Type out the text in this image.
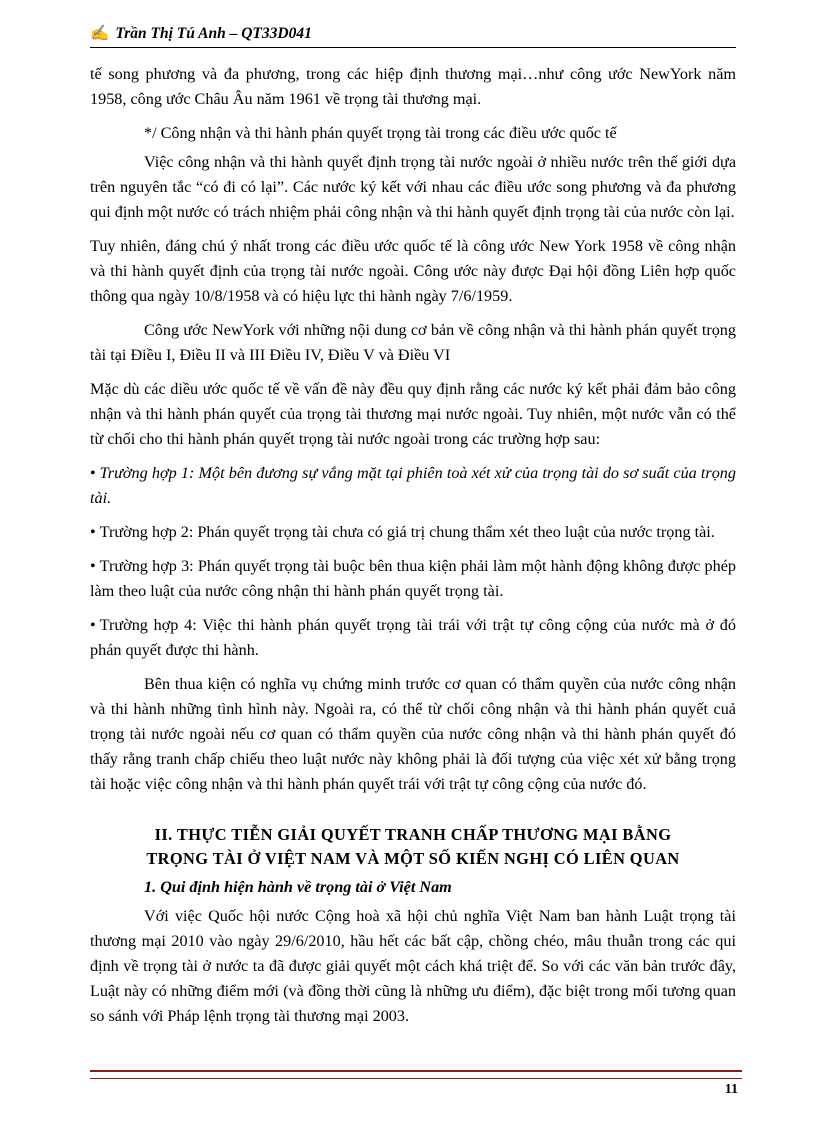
✍ Trần Thị Tú Anh – QT33D041

tế song phương và đa phương, trong các hiệp định thương mại…như công ước NewYork năm 1958, công ước Châu Âu năm 1961 về trọng tài thương mại.

*/ Công nhận và thi hành phán quyết trọng tài trong các điều ước quốc tế

Việc công nhận và thi hành quyết định trọng tài nước ngoài ở nhiều nước trên thế giới dựa trên nguyên tắc “có đi có lại”. Các nước ký kết với nhau các điều ước song phương và đa phương qui định một nước có trách nhiệm phải công nhận và thi hành quyết định trọng tài của nước còn lại.

Tuy nhiên, đáng chú ý nhất trong các điều ước quốc tế là công ước New York 1958 về công nhận và thi hành quyết định của trọng tài nước ngoài. Công ước này được Đại hội đồng Liên hợp quốc thông qua ngày 10/8/1958 và có hiệu lực thi hành ngày 7/6/1959.

Công ước NewYork với những nội dung cơ bản về công nhận và thi hành phán quyết trọng tài tại Điều I, Điều II và III Điều IV, Điều V và Điều VI

Mặc dù các diều ước quốc tế về vấn đề này đều quy định rằng các nước ký kết phải đảm bảo công nhận và thi hành phán quyết của trọng tài thương mại nước ngoài. Tuy nhiên, một nước vẫn có thể từ chối cho thi hành phán quyết trọng tài nước ngoài trong các trường hợp sau:

• Trường hợp 1: Một bên đương sự vắng mặt tại phiên toà xét xử của trọng tài do sơ suất của trọng tài.

• Trường hợp 2: Phán quyết trọng tài chưa có giá trị chung thẩm xét theo luật của nước trọng tài.

• Trường hợp 3: Phán quyết trọng tài buộc bên thua kiện phải làm một hành động không được phép làm theo luật của nước công nhận thi hành phán quyết trọng tài.

• Trường hợp 4: Việc thi hành phán quyết trọng tài trái với trật tự công cộng của nước mà ở đó phán quyết được thi hành.

Bên thua kiện có nghĩa vụ chứng minh trước cơ quan có thẩm quyền của nước công nhận và thi hành những tình hình này. Ngoài ra, có thể từ chối công nhận và thi hành phán quyết cuả trọng tài nước ngoài nếu cơ quan có thẩm quyền của nước công nhận và thi hành phán quyết đó thấy rằng tranh chấp chiếu theo luật nước này không phải là đối tượng của việc xét xử bằng trọng tài hoặc việc công nhận và thi hành phán quyết trái với trật tự công cộng của nước đó.

II. THỰC TIỄN GIẢI QUYẾT TRANH CHẤP THƯƠNG MẠI BẰNG
TRỌNG TÀI Ở VIỆT NAM VÀ MỘT SỐ KIẾN NGHỊ CÓ LIÊN QUAN
1. Qui định hiện hành về trọng tài ở Việt Nam

Với việc Quốc hội nước Cộng hoà xã hội chủ nghĩa Việt Nam ban hành Luật trọng tài thương mại 2010 vào ngày 29/6/2010, hầu hết các bất cập, chồng chéo, mâu thuẫn trong các qui định về trọng tài ở nước ta đã được giải quyết một cách khá triệt để. So với các văn bản trước đây, Luật này có những điểm mới (và đồng thời cũng là những ưu điểm), đặc biệt trong mối tương quan so sánh với Pháp lệnh trọng tài thương mại 2003.

11
